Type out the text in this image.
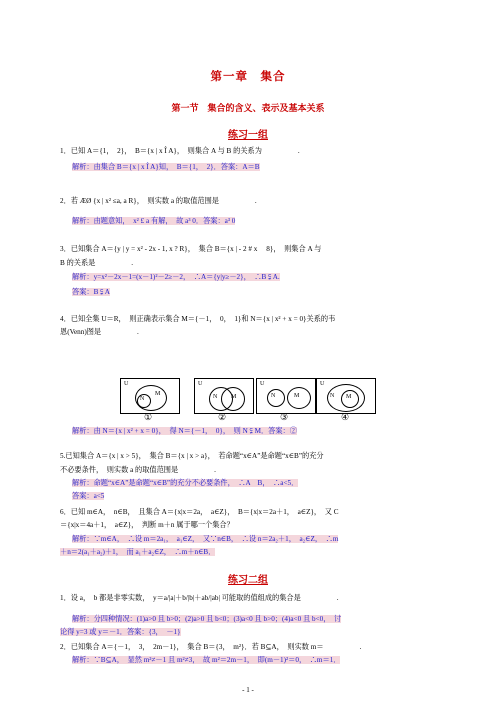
第一章　集合
第一节　集合的含义、表示及基本关系
练习一组
1．已知 A＝{1，　2}，　B＝{x | x Î A}，　则集合 A 与 B 的关系为　　　　　.
解析：由集合 B＝{x | x Î A}知，　B＝{1，　2}．答案：A＝B
2．若 ÆØ {x | x² ≤a, a R}，　则实数 a 的取值范围是　　　　　.
解析：由题意知，　x² £ a 有解，　故 a³ 0．答案：a³ 0
3．已知集合 A＝{y | y = x² - 2x - 1, x ? R}，　集合 B＝{x | - 2 # x　 8}，　则集合 A 与
B 的关系是　　　　　.
解析：y=x²－2x－1=(x－1)²－2≥－2，　∴A＝{y|y≥－2}，　∴B ⫋ A.
答案：B ⫋ A
4．已知全集 U＝R，　则正确表示集合 M＝{－1，　0，　1}和 N＝{x | x² + x = 0}关系的韦
恩(Venn)图是　　　　　.
U
M
N
U
N M
U
N	M
U
N M
①	②	③	④
解析：由 N＝{x | x² + x = 0}，　得 N＝{－1，　0}，　则 N ⫋ M．答案：②
5.已知集合 A＝{x | x > 5}，　集合 B＝{x | x > a}，　若命题“x∈A”是命题“x∈B”的充分
不必要条件，　则实数 a 的取值范围是　　　　　.
解析：命题“x∈A”是命题“x∈B”的充分不必要条件，　∴A　B，　∴a<5．
答案：a<5
6．已知 m∈A，　n∈B，　且集合 A＝{x|x＝2a，　a∈Z}，　B＝{x|x＝2a＋1，　a∈Z}，　又 C
＝{x|x＝4a＋1，　a∈Z}，　判断 m＋n 属于哪一个集合？
解析：∵m∈A，　∴设 m＝2a₁，　a₁∈Z，　又∵n∈B，　∴设 n＝2a₂＋1，　a₂∈Z，　∴m
＋n＝2(a₁＋a₂)＋1，　而 a₁＋a₂∈Z，　∴m＋n∈B．
练习二组
1．设 a，　b 都是非零实数，　y＝a/|a|＋b/|b|＋ab/|ab| 可能取的值组成的集合是　　　　　.
解析：分四种情况：(1)a>0 且 b>0；(2)a>0 且 b<0；(3)a<0 且 b>0；(4)a<0 且 b<0，　讨
论得 y=3 或 y＝－1．答案：{3，　－1}
2．已知集合 A＝{－1，　3，　2m－1}，　集合 B＝{3，　m²}．若 B⊆A，　则实数 m＝　　　　　.
解析：∵B⊆A，　显然 m²≠－1 且 m²≠3，　故 m²＝2m－1，　即(m－1)²＝0，　∴m＝1．
- 1 -
